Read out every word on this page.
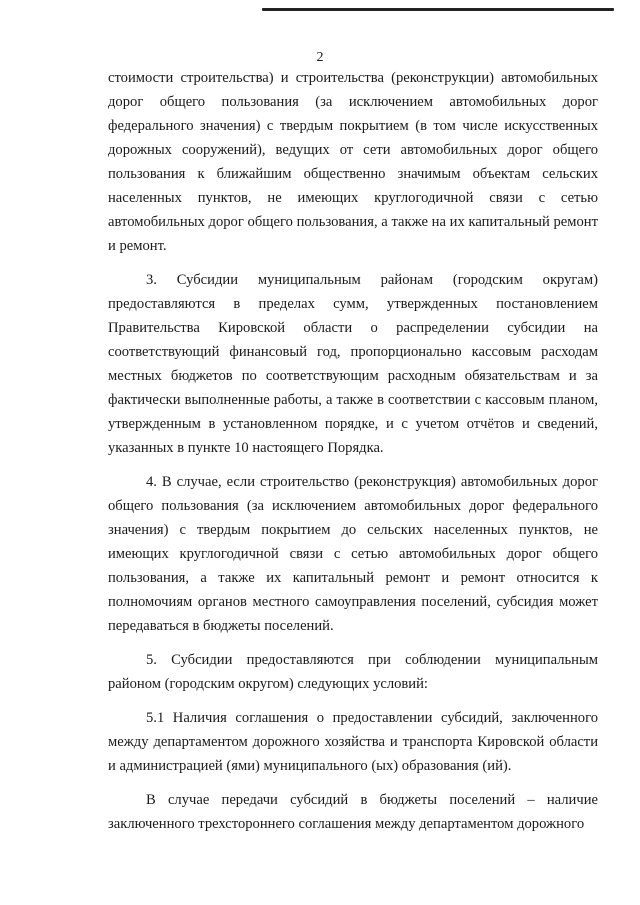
2

стоимости строительства) и строительства (реконструкции) автомобильных дорог общего пользования (за исключением автомобильных дорог федерального значения) с твердым покрытием (в том числе искусственных дорожных сооружений), ведущих от сети автомобильных дорог общего пользования к ближайшим общественно значимым объектам сельских населенных пунктов, не имеющих круглогодичной связи с сетью автомобильных дорог общего пользования, а также на их капитальный ремонт и ремонт.

3. Субсидии муниципальным районам (городским округам) предоставляются в пределах сумм, утвержденных постановлением Правительства Кировской области о распределении субсидии на соответствующий финансовый год, пропорционально кассовым расходам местных бюджетов по соответствующим расходным обязательствам и за фактически выполненные работы, а также в соответствии с кассовым планом, утвержденным в установленном порядке, и с учетом отчётов и сведений, указанных в пункте 10 настоящего Порядка.

4. В случае, если строительство (реконструкция) автомобильных дорог общего пользования (за исключением автомобильных дорог федерального значения) с твердым покрытием до сельских населенных пунктов, не имеющих круглогодичной связи с сетью автомобильных дорог общего пользования, а также их капитальный ремонт и ремонт относится к полномочиям органов местного самоуправления поселений, субсидия может передаваться в бюджеты поселений.

5. Субсидии предоставляются при соблюдении муниципальным районом (городским округом) следующих условий:

5.1 Наличия соглашения о предоставлении субсидий, заключенного между департаментом дорожного хозяйства и транспорта Кировской области и администрацией (ями) муниципального (ых) образования (ий).

В случае передачи субсидий в бюджеты поселений – наличие заключенного трехстороннего соглашения между департаментом дорожного
